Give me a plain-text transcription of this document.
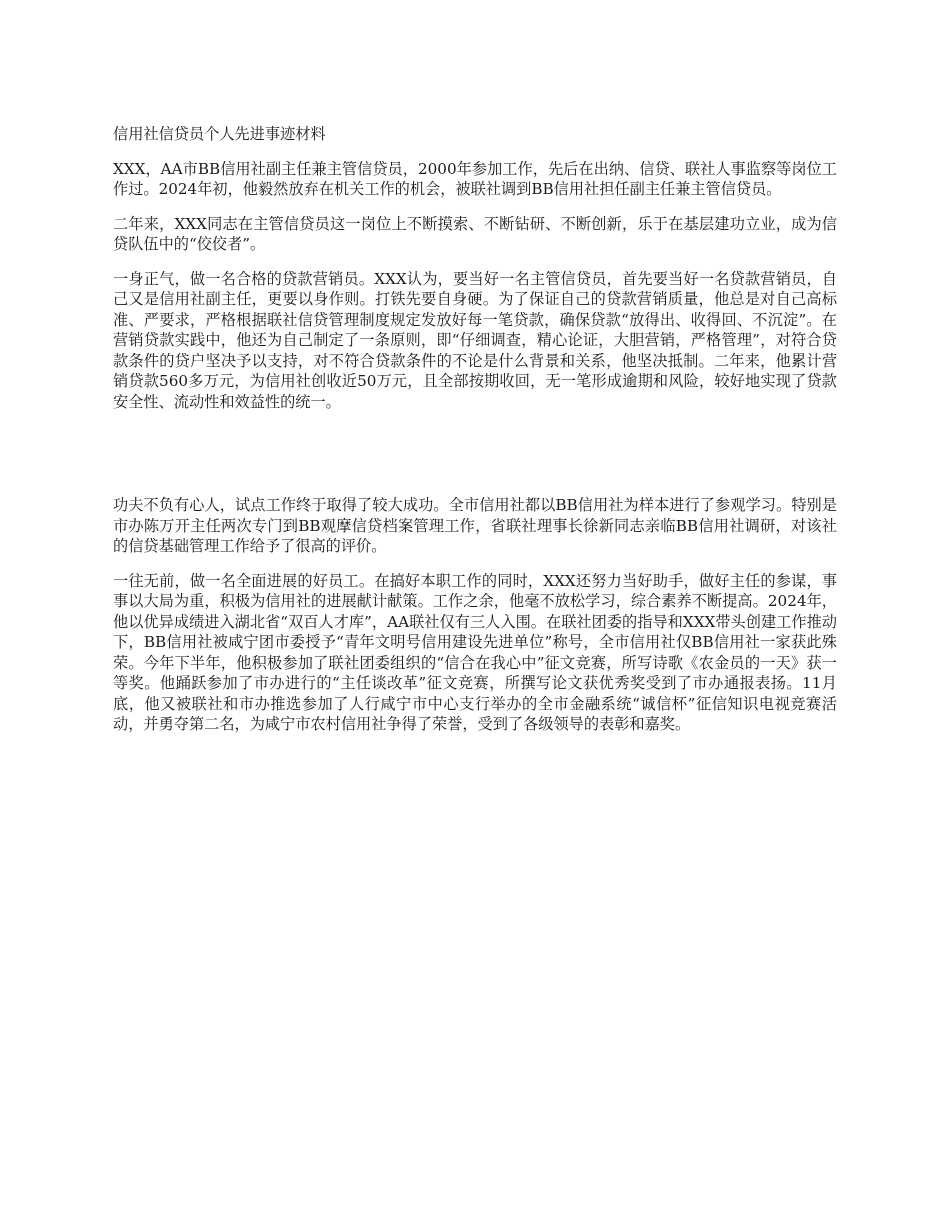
信用社信贷员个人先进事迹材料

XXX，AA市BB信用社副主任兼主管信贷员，2000年参加工作，先后在出纳、信贷、联社人事监察等岗位工作过。2024年初，他毅然放弃在机关工作的机会，被联社调到BB信用社担任副主任兼主管信贷员。

二年来，XXX同志在主管信贷员这一岗位上不断摸索、不断钻研、不断创新，乐于在基层建功立业，成为信贷队伍中的“佼佼者”。

一身正气，做一名合格的贷款营销员。XXX认为，要当好一名主管信贷员，首先要当好一名贷款营销员，自己又是信用社副主任，更要以身作则。打铁先要自身硬。为了保证自己的贷款营销质量，他总是对自己高标准、严要求，严格根据联社信贷管理制度规定发放好每一笔贷款，确保贷款“放得出、收得回、不沉淀”。在营销贷款实践中，他还为自己制定了一条原则，即“仔细调查，精心论证，大胆营销，严格管理”，对符合贷款条件的贷户坚决予以支持，对不符合贷款条件的不论是什么背景和关系，他坚决抵制。二年来，他累计营销贷款560多万元，为信用社创收近50万元，且全部按期收回，无一笔形成逾期和风险，较好地实现了贷款安全性、流动性和效益性的统一。

功夫不负有心人，试点工作终于取得了较大成功。全市信用社都以BB信用社为样本进行了参观学习。特别是市办陈万开主任两次专门到BB观摩信贷档案管理工作，省联社理事长徐新同志亲临BB信用社调研，对该社的信贷基础管理工作给予了很高的评价。

一往无前，做一名全面进展的好员工。在搞好本职工作的同时，XXX还努力当好助手，做好主任的参谋，事事以大局为重，积极为信用社的进展献计献策。工作之余，他毫不放松学习，综合素养不断提高。2024年，他以优异成绩进入湖北省“双百人才库”，AA联社仅有三人入围。在联社团委的指导和XXX带头创建工作推动下，BB信用社被咸宁团市委授予“青年文明号信用建设先进单位”称号，全市信用社仅BB信用社一家获此殊荣。今年下半年，他积极参加了联社团委组织的“信合在我心中”征文竞赛，所写诗歌《农金员的一天》获一等奖。他踊跃参加了市办进行的“主任谈改革”征文竞赛，所撰写论文获优秀奖受到了市办通报表扬。11月底，他又被联社和市办推选参加了人行咸宁市中心支行举办的全市金融系统“诚信杯”征信知识电视竞赛活动，并勇夺第二名，为咸宁市农村信用社争得了荣誉，受到了各级领导的表彰和嘉奖。
